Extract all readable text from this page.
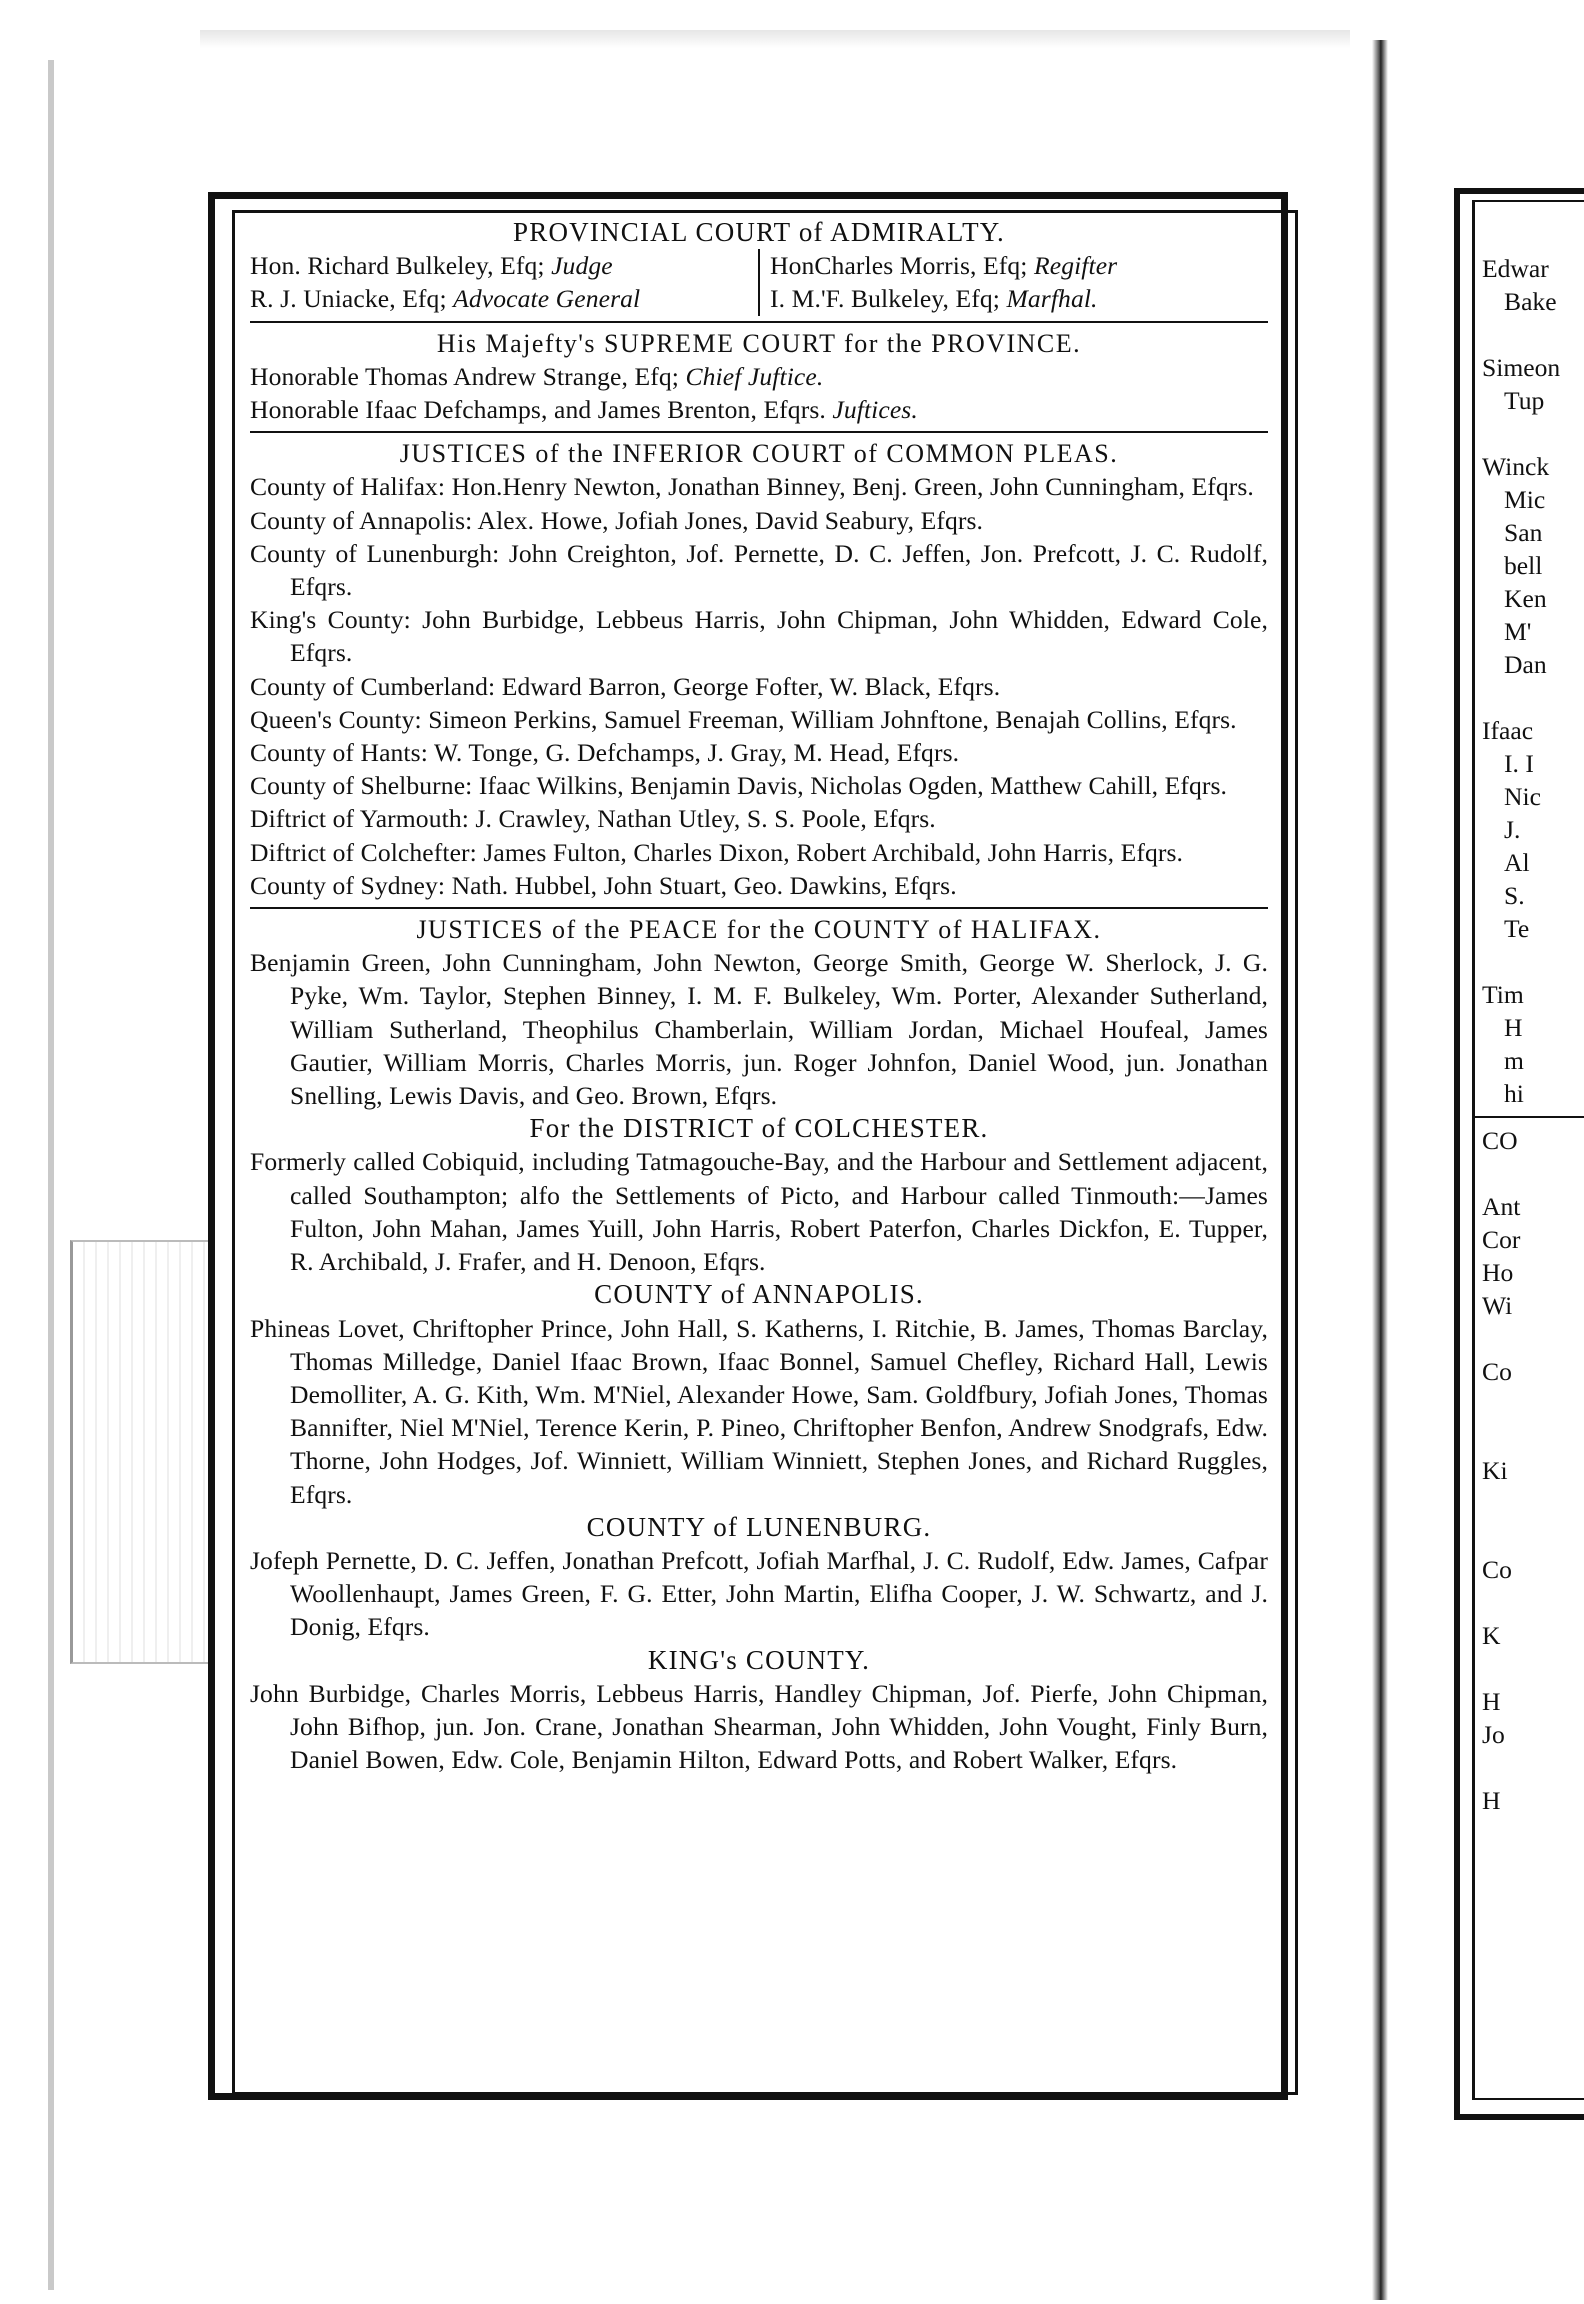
PROVINCIAL COURT of ADMIRALTY.
Hon. Richard Bulkeley, Efq; Judge
R. J. Uniacke, Efq; Advocate General
HonCharles Morris, Efq; Regifter
I. M.'F. Bulkeley, Efq; Marfhal.
His Majefty's SUPREME COURT for the PROVINCE.
Honorable Thomas Andrew Strange, Efq; Chief Juftice.
Honorable Ifaac Defchamps, and James Brenton, Efqrs. Juftices.
JUSTICES of the INFERIOR COURT of COMMON PLEAS.
County of Halifax: Hon.Henry Newton, Jonathan Binney, Benj. Green, John Cunningham, Efqrs.
County of Annapolis: Alex. Howe, Jofiah Jones, David Seabury, Efqrs.
County of Lunenburgh: John Creighton, Jof. Pernette, D. C. Jeffen, Jon. Prefcott, J. C. Rudolf, Efqrs.
King's County: John Burbidge, Lebbeus Harris, John Chipman, John Whidden, Edward Cole, Efqrs.
County of Cumberland: Edward Barron, George Fofter, W. Black, Efqrs.
Queen's County: Simeon Perkins, Samuel Freeman, William Johnftone, Benajah Collins, Efqrs.
County of Hants: W. Tonge, G. Defchamps, J. Gray, M. Head, Efqrs.
County of Shelburne: Ifaac Wilkins, Benjamin Davis, Nicholas Ogden, Matthew Cahill, Efqrs.
Diftrict of Yarmouth: J. Crawley, Nathan Utley, S. S. Poole, Efqrs.
Diftrict of Colchefter: James Fulton, Charles Dixon, Robert Archibald, John Harris, Efqrs.
County of Sydney: Nath. Hubbel, John Stuart, Geo. Dawkins, Efqrs.
JUSTICES of the PEACE for the COUNTY of HALIFAX.
Benjamin Green, John Cunningham, John Newton, George Smith, George W. Sherlock, J. G. Pyke, Wm. Taylor, Stephen Binney, I. M. F. Bulkeley, Wm. Porter, Alexander Sutherland, William Sutherland, Theophilus Chamberlain, William Jordan, Michael Houfeal, James Gautier, William Morris, Charles Morris, jun. Roger Johnfon, Daniel Wood, jun. Jonathan Snelling, Lewis Davis, and Geo. Brown, Efqrs.
For the DISTRICT of COLCHESTER.
Formerly called Cobiquid, including Tatmagouche-Bay, and the Harbour and Settlement adjacent, called Southampton; alfo the Settlements of Picto, and Harbour called Tinmouth:—James Fulton, John Mahan, James Yuill, John Harris, Robert Paterfon, Charles Dickfon, E. Tupper, R. Archibald, J. Frafer, and H. Denoon, Efqrs.
COUNTY of ANNAPOLIS.
Phineas Lovet, Chriftopher Prince, John Hall, S. Katherns, I. Ritchie, B. James, Thomas Barclay, Thomas Milledge, Daniel Ifaac Brown, Ifaac Bonnel, Samuel Chefley, Richard Hall, Lewis Demolliter, A. G. Kith, Wm. M'Niel, Alexander Howe, Sam. Goldfbury, Jofiah Jones, Thomas Bannifter, Niel M'Niel, Terence Kerin, P. Pineo, Chriftopher Benfon, Andrew Snodgrafs, Edw. Thorne, John Hodges, Jof. Winniett, William Winniett, Stephen Jones, and Richard Ruggles, Efqrs.
COUNTY of LUNENBURG.
Jofeph Pernette, D. C. Jeffen, Jonathan Prefcott, Jofiah Marfhal, J. C. Rudolf, Edw. James, Cafpar Woollenhaupt, James Green, F. G. Etter, John Martin, Elifha Cooper, J. W. Schwartz, and J. Donig, Efqrs.
KING's COUNTY.
John Burbidge, Charles Morris, Lebbeus Harris, Handley Chipman, Jof. Pierfe, John Chipman, John Bifhop, jun. Jon. Crane, Jonathan Shearman, John Whidden, John Vought, Finly Burn, Daniel Bowen, Edw. Cole, Benjamin Hilton, Edward Potts, and Robert Walker, Efqrs.
Edwar
Bake

Simeon
Tup

Winck
Mic
San
bell
Ken
M'
Dan

Ifaac
I. I
Nic
J.
Al
S.
Te

Tim
H
m
hi
CO

Ant
Cor
Ho
Wi

Co

Ki

Co

K

H
Jo

H
